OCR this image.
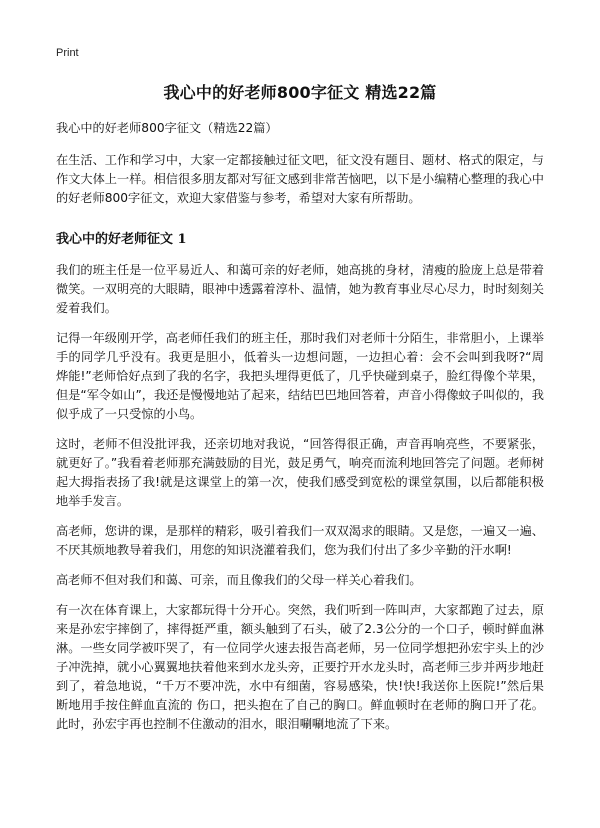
Print
我心中的好老师800字征文 精选22篇

我心中的好老师800字征文（精选22篇）

在生活、工作和学习中，大家一定都接触过征文吧，征文没有题目、题材、格式的限定，与作文大体上一样。相信很多朋友都对写征文感到非常苦恼吧，以下是小编精心整理的我心中的好老师800字征文，欢迎大家借鉴与参考，希望对大家有所帮助。

我心中的好老师征文 1

我们的班主任是一位平易近人、和蔼可亲的好老师，她高挑的身材，清瘦的脸庞上总是带着微笑。一双明亮的大眼睛，眼神中透露着淳朴、温情，她为教育事业尽心尽力，时时刻刻关爱着我们。

记得一年级刚开学，高老师任我们的班主任，那时我们对老师十分陌生，非常胆小，上课举手的同学几乎没有。我更是胆小，低着头一边想问题，一边担心着：会不会叫到我呀?“周烨能!”老师恰好点到了我的名字，我把头埋得更低了，几乎快碰到桌子，脸红得像个苹果，但是“军令如山”，我还是慢慢地站了起来，结结巴巴地回答着，声音小得像蚊子叫似的，我似乎成了一只受惊的小鸟。

这时，老师不但没批评我，还亲切地对我说，“回答得很正确，声音再响亮些，不要紧张，就更好了。”我看着老师那充满鼓励的目光，鼓足勇气，响亮而流利地回答完了问题。老师树起大拇指表扬了我!就是这课堂上的第一次，使我们感受到宽松的课堂氛围，以后都能积极地举手发言。

高老师，您讲的课，是那样的精彩，吸引着我们一双双渴求的眼睛。又是您，一遍又一遍、不厌其烦地教导着我们，用您的知识浇灌着我们，您为我们付出了多少辛勤的汗水啊!

高老师不但对我们和蔼、可亲，而且像我们的父母一样关心着我们。

有一次在体育课上，大家都玩得十分开心。突然，我们听到一阵叫声，大家都跑了过去，原来是孙宏宇摔倒了，摔得挺严重，额头触到了石头，破了2.3公分的一个口子，顿时鲜血淋淋。一些女同学被吓哭了，有一位同学火速去报告高老师，另一位同学想把孙宏宇头上的沙子冲洗掉，就小心翼翼地扶着他来到水龙头旁，正要拧开水龙头时，高老师三步并两步地赶到了，着急地说，“千万不要冲洗，水中有细菌，容易感染，快!快!我送你上医院!”然后果断地用手按住鲜血直流的 伤口，把头抱在了自己的胸口。鲜血顿时在老师的胸口开了花。此时，孙宏宇再也控制不住激动的泪水，眼泪唰唰地流了下来。
